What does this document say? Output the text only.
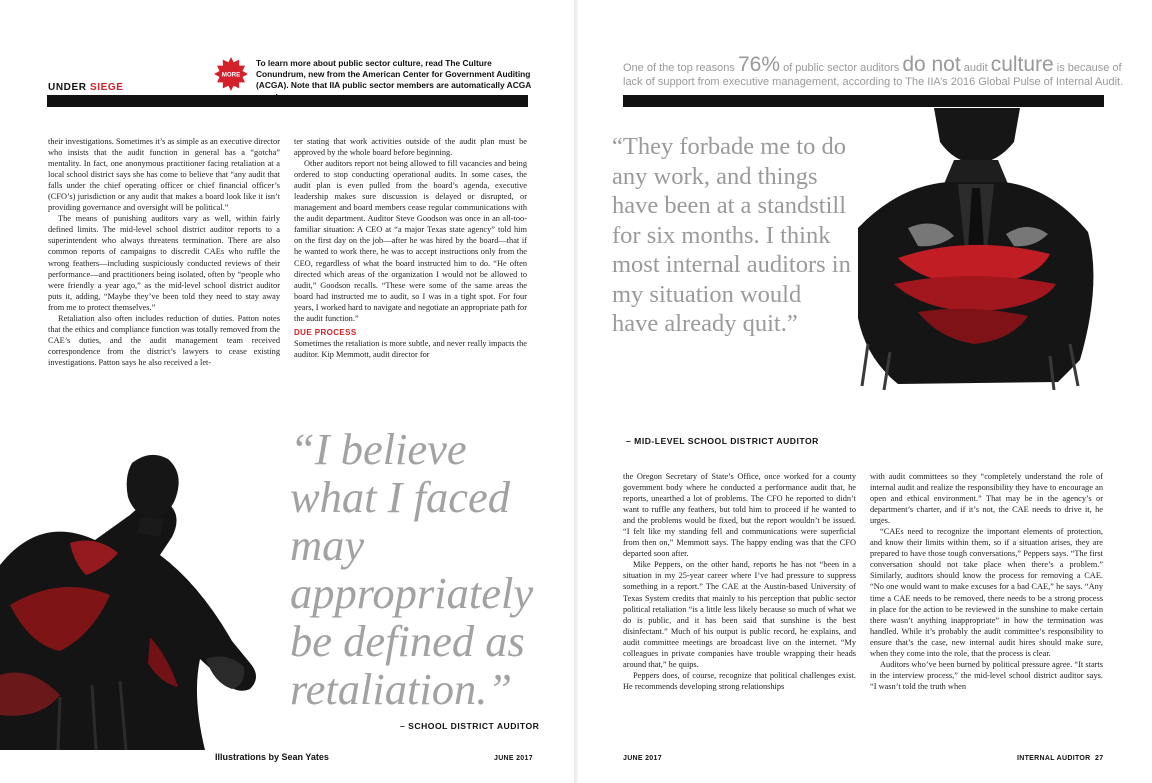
UNDER SIEGE
MORE
To learn more about public sector culture, read The Culture Conundrum, new from the American Center for Government Auditing (ACGA). Note that IIA public sector members are automatically ACGA
One of the top reasons 76% of public sector auditors do not audit culture is because of
lack of support from executive management, according to The IIA’s 2016 Global Pulse of Internal Audit.

their investigations. Sometimes it’s as simple as an executive director who insists that the audit function in general has a “gotcha” mentality. In fact, one anonymous practitioner facing retaliation at a local school district says she has come to believe that “any audit that falls under the chief operating officer or chief financial officer’s (CFO’s) jurisdiction or any audit that makes a board look like it isn’t providing governance and oversight will be political.”

The means of punishing auditors vary as well, within fairly defined limits. The mid-level school district auditor reports to a superintendent who always threatens termination. There are also common reports of campaigns to discredit CAEs who ruffle the wrong feathers—including suspiciously conducted reviews of their performance—and practitioners being isolated, often by “people who were friendly a year ago,” as the mid-level school district auditor puts it, adding, “Maybe they’ve been told they need to stay away from me to protect themselves.”

Retaliation also often includes reduction of duties. Patton notes that the ethics and compliance function was totally removed from the CAE’s duties, and the audit management team received correspondence from the district’s lawyers to cease existing investigations. Patton says he also received a let-

ter stating that work activities outside of the audit plan must be approved by the whole board before beginning.

Other auditors report not being allowed to fill vacancies and being ordered to stop conducting operational audits. In some cases, the audit plan is even pulled from the board’s agenda, executive leadership makes sure discussion is delayed or disrupted, or management and board members cease regular communications with the audit department. Auditor Steve Goodson was once in an all-too-familiar situation: A CEO at “a major Texas state agency” told him on the first day on the job—after he was hired by the board—that if he wanted to work there, he was to accept instructions only from the CEO, regardless of what the board instructed him to do. “He often directed which areas of the organization I would not be allowed to audit,” Goodson recalls. “These were some of the same areas the board had instructed me to audit, so I was in a tight spot. For four years, I worked hard to navigate and negotiate an appropriate path for the audit function.”

DUE PROCESS

Sometimes the retaliation is more subtle, and never really impacts the auditor. Kip Memmott, audit director for

“I believe what I faced may appropriately be defined as retaliation.”
– SCHOOL DISTRICT AUDITOR
“They forbade me to do any work, and things have been at a standstill for six months. I think most internal auditors in my situation would have already quit.”
– MID-LEVEL SCHOOL DISTRICT AUDITOR

the Oregon Secretary of State’s Office, once worked for a county government body where he conducted a performance audit that, he reports, unearthed a lot of problems. The CFO he reported to didn’t want to ruffle any feathers, but told him to proceed if he wanted to and the problems would be fixed, but the report wouldn’t be issued. “I felt like my standing fell and communications were superficial from then on,” Memmott says. The happy ending was that the CFO departed soon after.

Mike Peppers, on the other hand, reports he has not “been in a situation in my 25-year career where I’ve had pressure to suppress something in a report.” The CAE at the Austin-based University of Texas System credits that mainly to his perception that public sector political retaliation “is a little less likely because so much of what we do is public, and it has been said that sunshine is the best disinfectant.” Much of his output is public record, he explains, and audit committee meetings are broadcast live on the internet. “My colleagues in private companies have trouble wrapping their heads around that,” he quips.

Peppers does, of course, recognize that political challenges exist. He recommends developing strong relationships

with audit committees so they “completely understand the role of internal audit and realize the responsibility they have to encourage an open and ethical environment.” That may be in the agency’s or department’s charter, and if it’s not, the CAE needs to drive it, he urges.

“CAEs need to recognize the important elements of protection, and know their limits within them, so if a situation arises, they are prepared to have those tough conversations,” Peppers says. “The first conversation should not take place when there’s a problem.” Similarly, auditors should know the process for removing a CAE. “No one would want to make excuses for a bad CAE,” he says. “Any time a CAE needs to be removed, there needs to be a strong process in place for the action to be reviewed in the sunshine to make certain there wasn’t anything inappropriate” in how the termination was handled. While it’s probably the audit committee’s responsibility to ensure that’s the case, new internal audit hires should make sure, when they come into the role, that the process is clear.

Auditors who’ve been burned by political pressure agree. “It starts in the interview process,” the mid-level school district auditor says. “I wasn’t told the truth when

Illustrations by Sean Yates	JUNE 2017	JUNE 2017	INTERNAL AUDITOR 27
